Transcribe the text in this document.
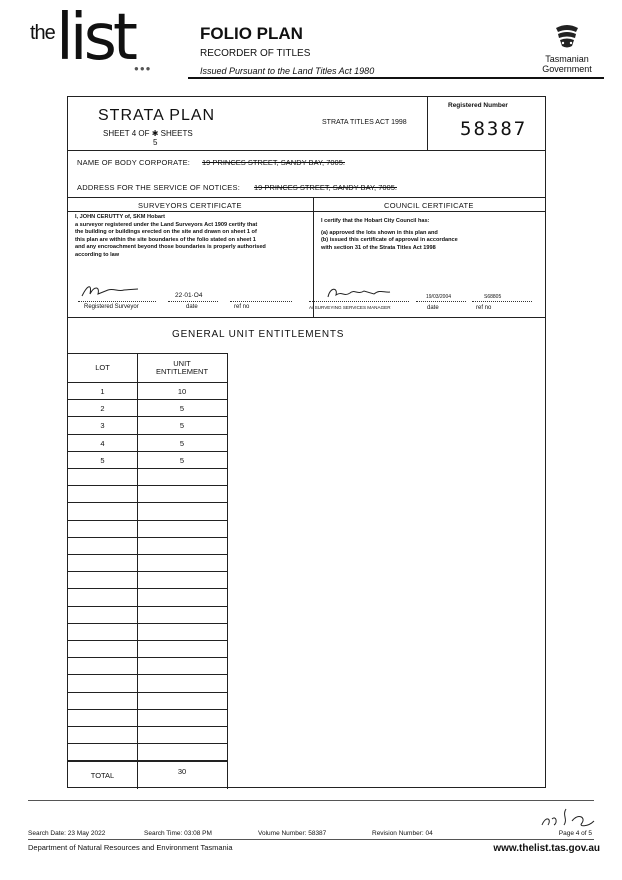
the list ●●●
FOLIO PLAN
RECORDER OF TITLES
Issued Pursuant to the Land Titles Act 1980
Tasmanian
Government
STRATA PLAN
SHEET 4 OF ✱ SHEETS
5
STRATA TITLES ACT 1998
Registered Number
58387
NAME OF BODY CORPORATE: 19 PRINCES STREET, SANDY BAY, 7005.
ADDRESS FOR THE SERVICE OF NOTICES: 19 PRINCES STREET, SANDY BAY, 7005.
SURVEYORS CERTIFICATE	COUNCIL CERTIFICATE
I, JOHN CERUTTY of, SKM Hobart
a surveyor registered under the Land Surveyors Act 1909 certify that
the building or buildings erected on the site and drawn on sheet 1 of
this plan are within the site boundaries of the folio stated on sheet 1
and any encroachment beyond those boundaries is properly authorised
according to law
I certify that the Hobart City Council has:
(a) approved the lots shown in this plan and
(b) issued this certificate of approval in accordance
with section 31 of the Strata Titles Act 1998
22·01·O4
Registered Surveyor	date	ref no
19/03/2004	S68805
A/ SURVEYING SERVICES MANAGER	date	ref no
GENERAL UNIT ENTITLEMENTS
LOT	UNIT
ENTITLEMENT
1	10
2	5
3	5
4	5
5	5
TOTAL	30
Search Date: 23 May 2022	Search Time: 03:08 PM	Volume Number: 58387	Revision Number: 04	Page 4 of 5
Department of Natural Resources and Environment Tasmania	www.thelist.tas.gov.au
